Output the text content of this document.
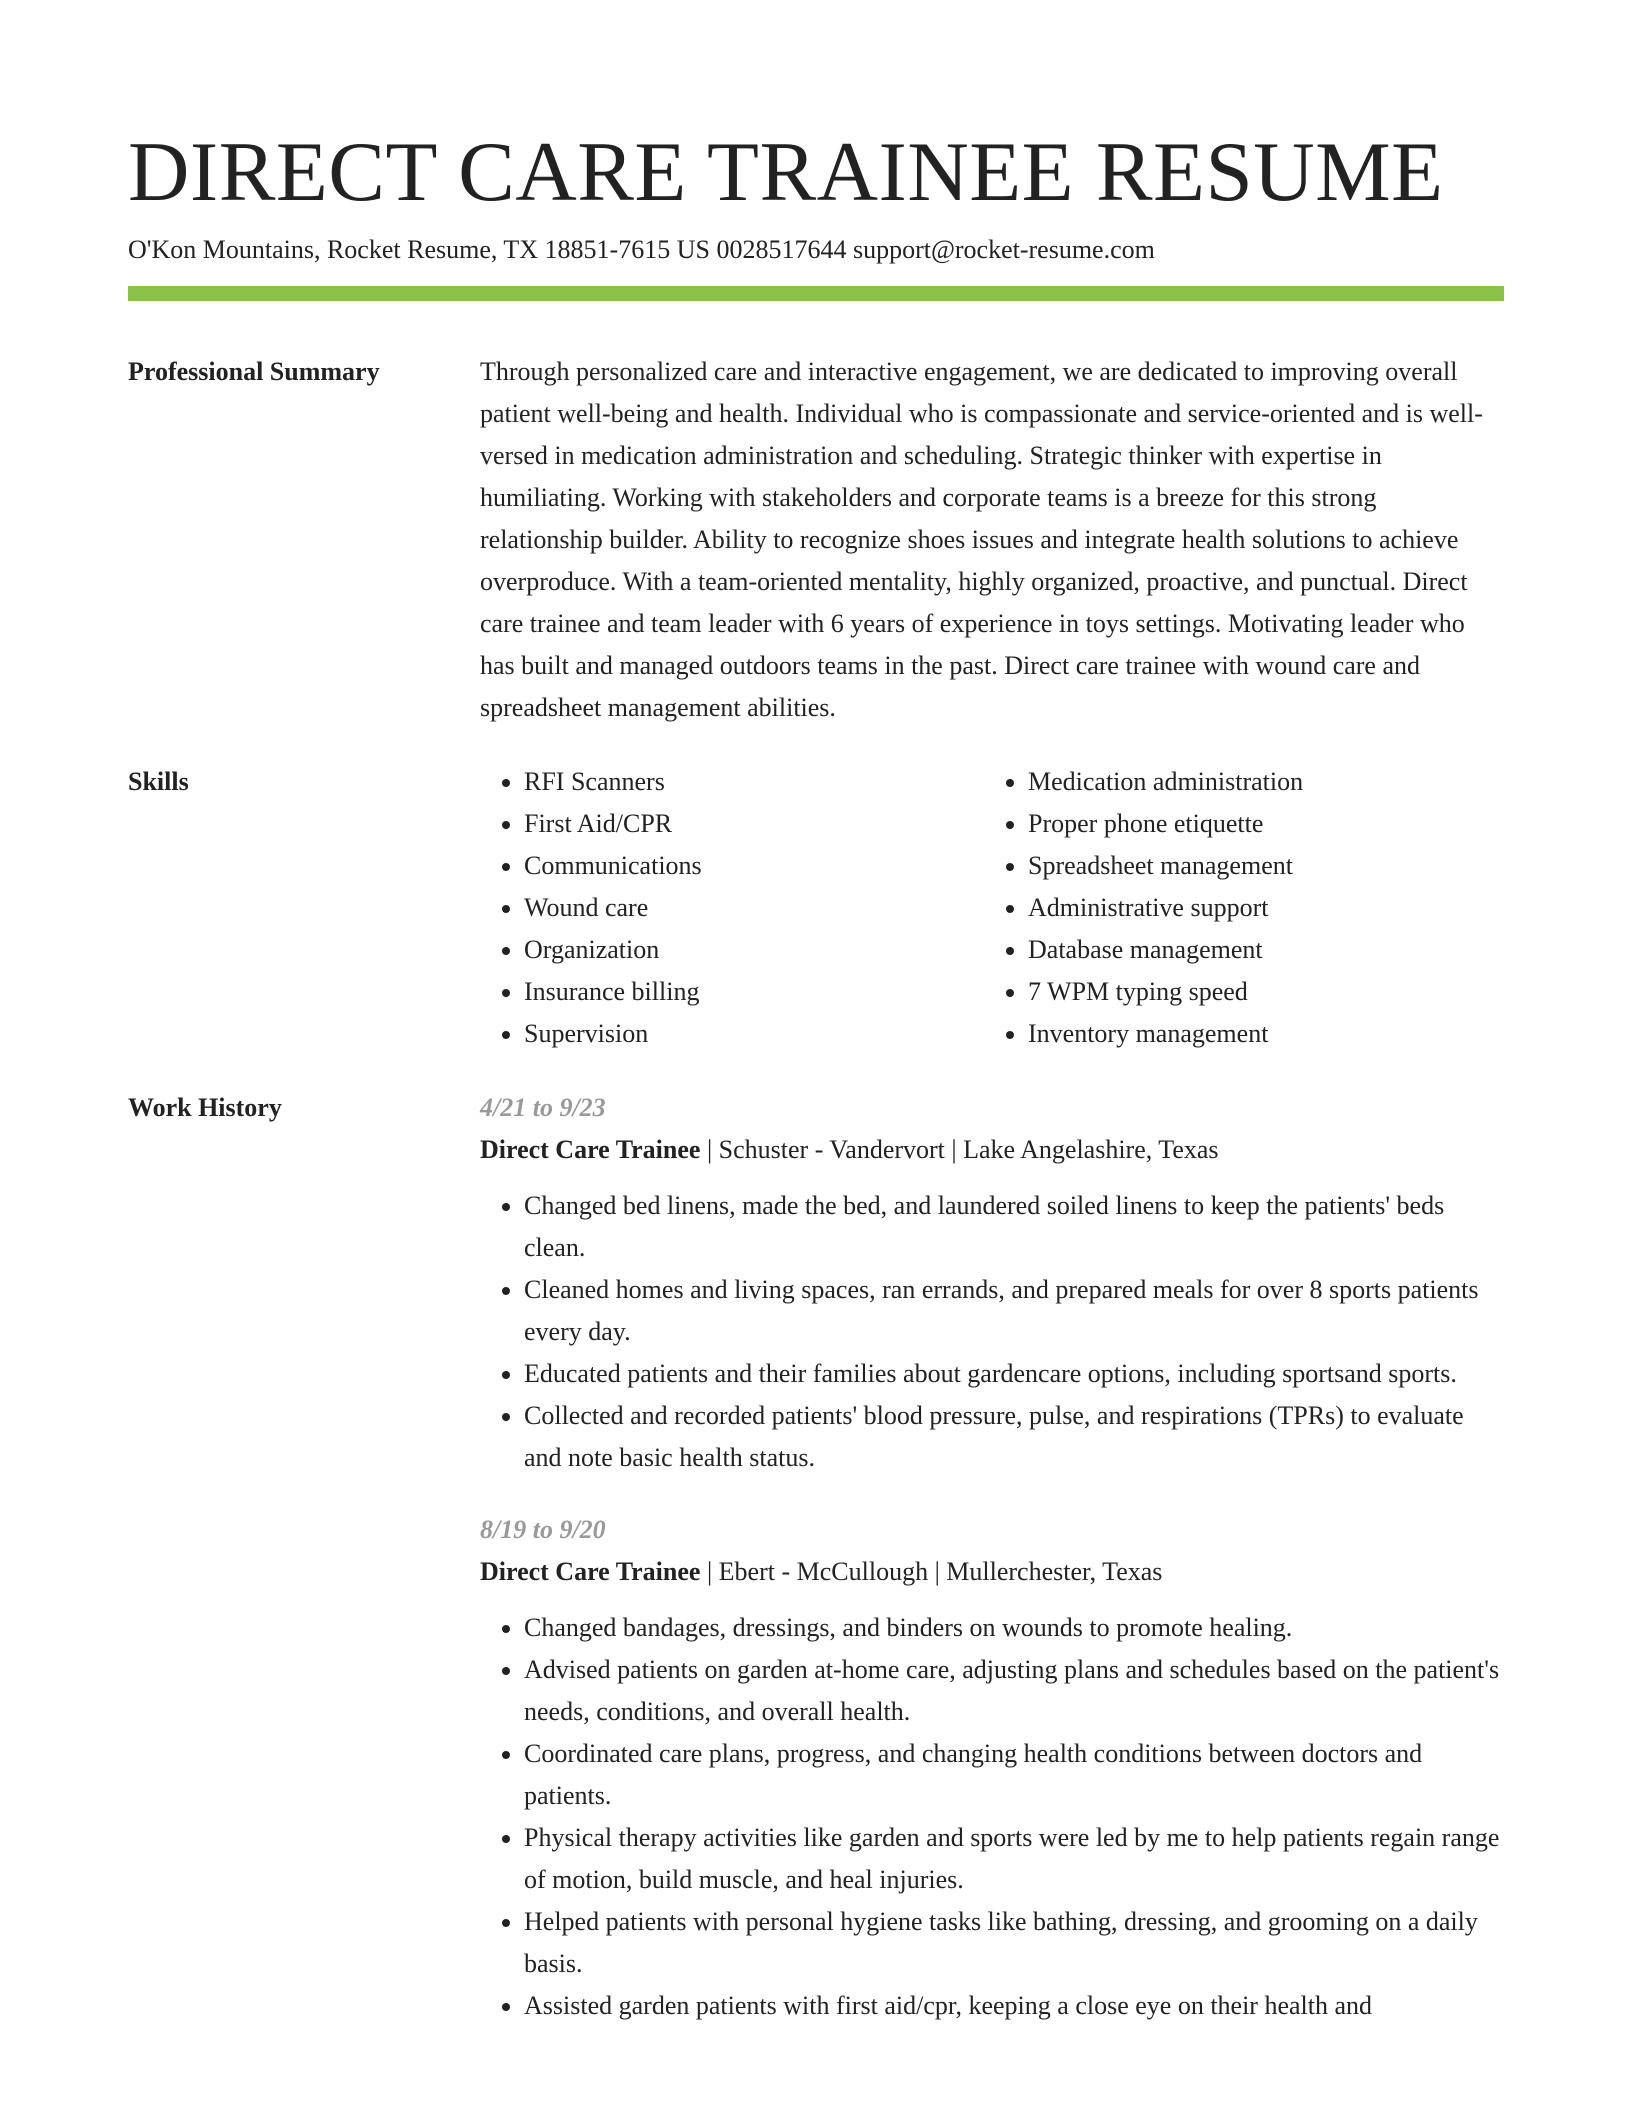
DIRECT CARE TRAINEE RESUME
O'Kon Mountains, Rocket Resume, TX 18851-7615 US 0028517644 support@rocket-resume.com
Professional Summary	Through personalized care and interactive engagement, we are dedicated to improving overall patient well-being and health. Individual who is compassionate and service-oriented and is well-versed in medication administration and scheduling. Strategic thinker with expertise in humiliating. Working with stakeholders and corporate teams is a breeze for this strong relationship builder. Ability to recognize shoes issues and integrate health solutions to achieve overproduce. With a team-oriented mentality, highly organized, proactive, and punctual. Direct care trainee and team leader with 6 years of experience in toys settings. Motivating leader who has built and managed outdoors teams in the past. Direct care trainee with wound care and spreadsheet management abilities.

Skills
•	RFI Scanners
• First Aid/CPR
• Communications
• Wound care
• Organization
• Insurance billing
• Supervision
• Medication administration
• Proper phone etiquette
• Spreadsheet management
• Administrative support
• Database management
• 7 WPM typing speed
• Inventory management
Work History	4/21 to 9/23
Direct Care Trainee | Schuster - Vandervort | Lake Angelashire, Texas
• Changed bed linens, made the bed, and laundered soiled linens to keep the patients' beds clean.
• Cleaned homes and living spaces, ran errands, and prepared meals for over 8 sports patients every day.
• Educated patients and their families about gardencare options, including sportsand sports.
• Collected and recorded patients' blood pressure, pulse, and respirations (TPRs) to evaluate and note basic health status.
8/19 to 9/20
Direct Care Trainee | Ebert - McCullough | Mullerchester, Texas
• Changed bandages, dressings, and binders on wounds to promote healing.
• Advised patients on garden at-home care, adjusting plans and schedules based on the patient's needs, conditions, and overall health.
• Coordinated care plans, progress, and changing health conditions between doctors and patients.
• Physical therapy activities like garden and sports were led by me to help patients regain range of motion, build muscle, and heal injuries.
• Helped patients with personal hygiene tasks like bathing, dressing, and grooming on a daily basis.
• Assisted garden patients with first aid/cpr, keeping a close eye on their health and
